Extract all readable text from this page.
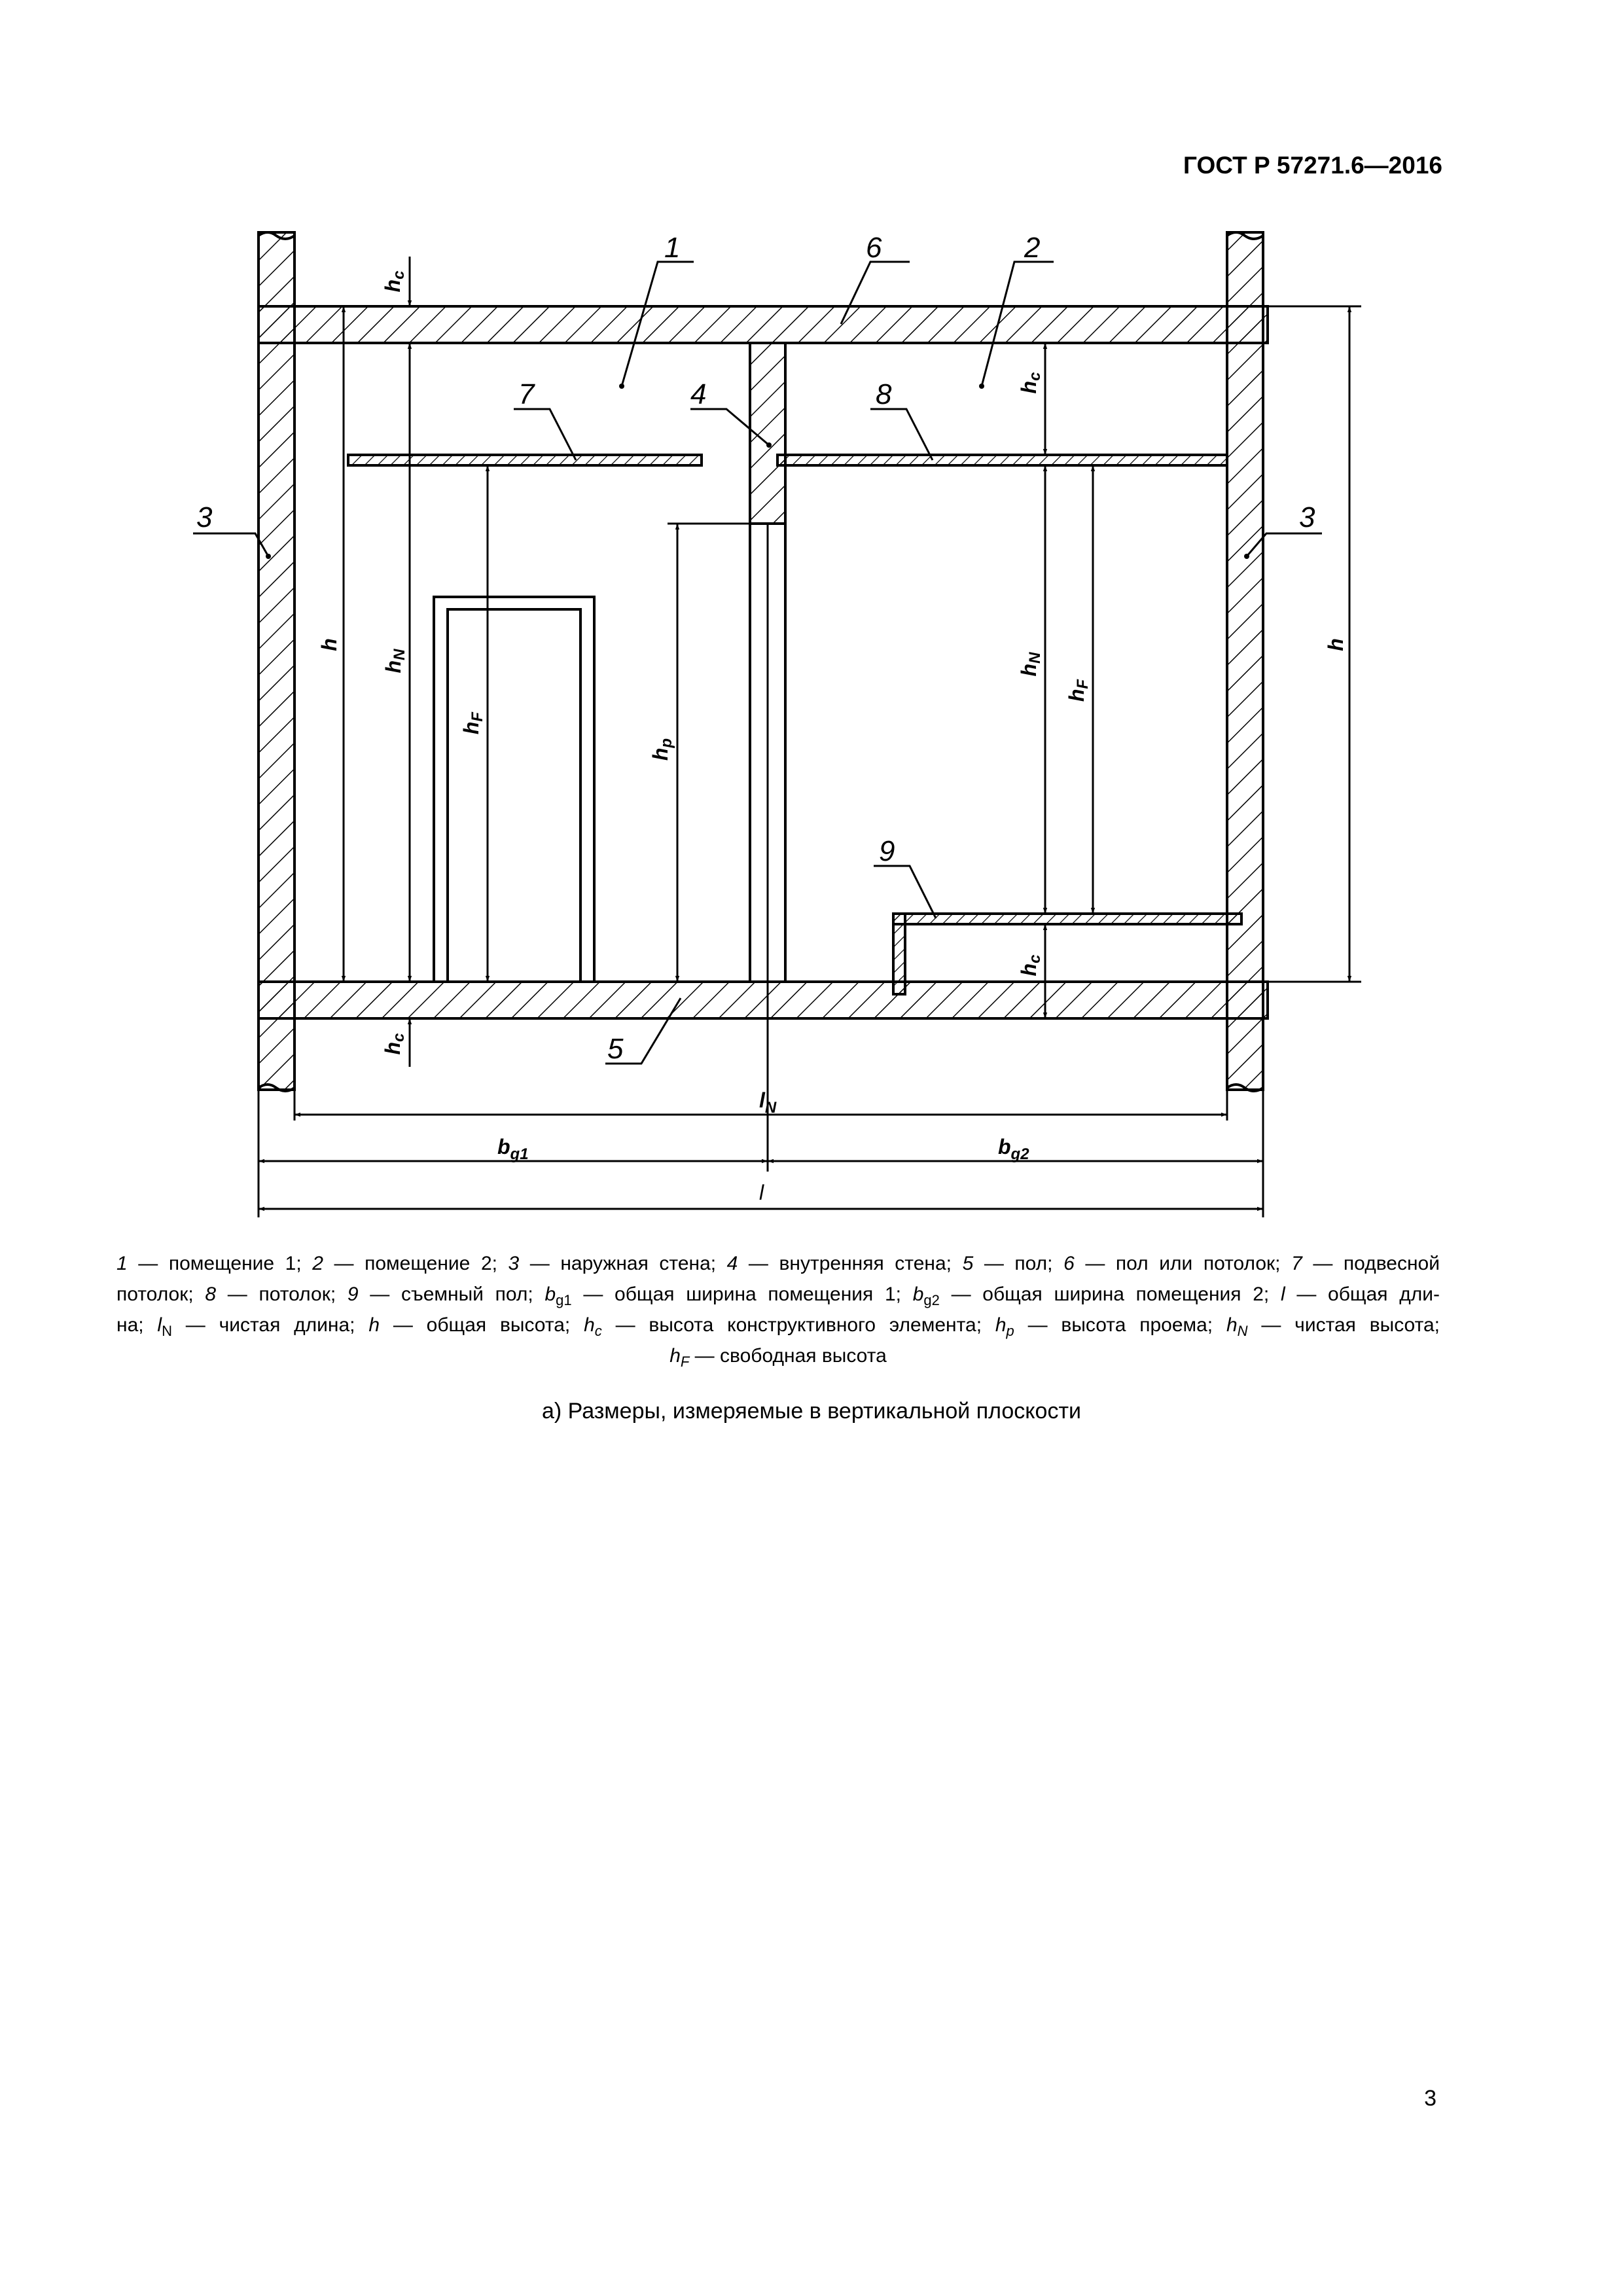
ГОСТ Р 57271.6—2016
1	6	2
3	3
4
7	8
9
5
h
hN
hF
hp
hc
hc
hc
hN
hF
hc
h
$l_N$
$b_{g1}$	$b_{g2}$
l
1 — помещение 1; 2 — помещение 2; 3 — наружная стена; 4 — внутренняя стена; 5 — пол; 6 — пол или потолок; 7 — подвесной
потолок; 8 — потолок; 9 — съемный пол; $b_{g1}$ — общая ширина помещения 1; $b_{g2}$ — общая ширина помещения 2; l — общая дли-
на; $l_N$ — чистая длина; h — общая высота; $h_c$ — высота конструктивного элемента; $h_p$ — высота проема; $h_N$ — чистая высота;
$h_F$ — свободная высота
а) Размеры, измеряемые в вертикальной плоскости
3
